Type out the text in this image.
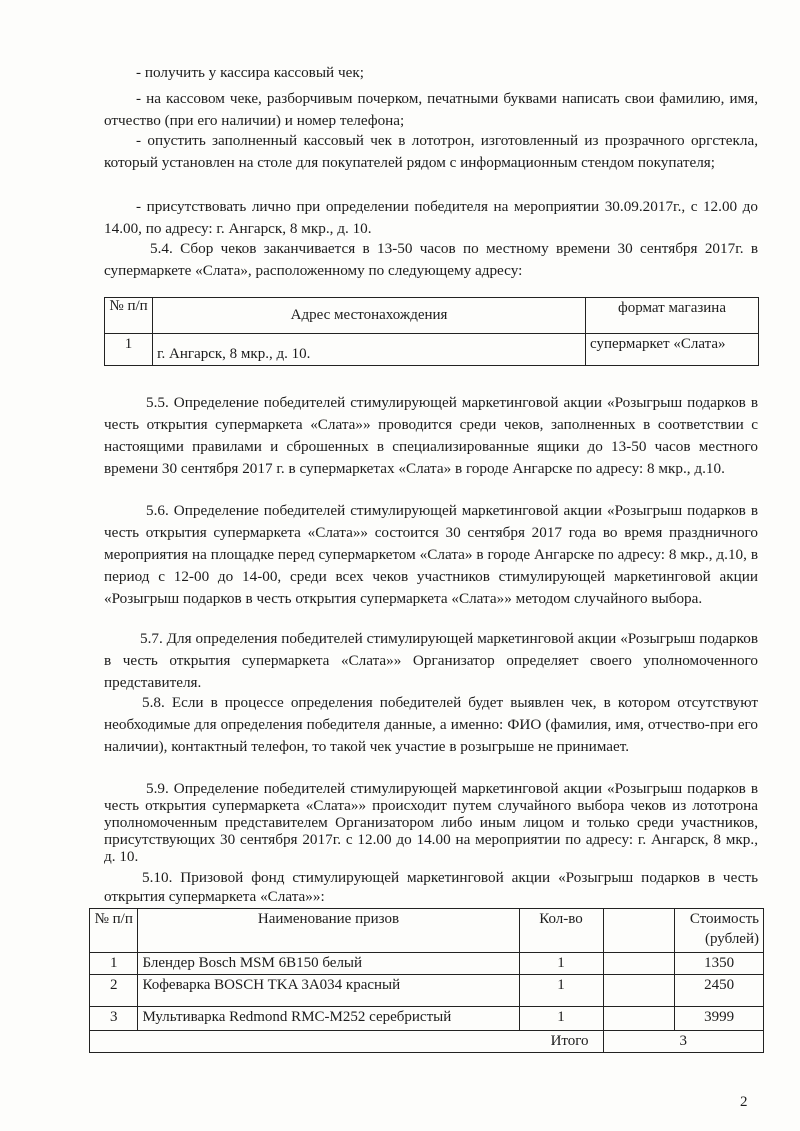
- получить у кассира кассовый чек;

- на кассовом чеке, разборчивым почерком, печатными буквами написать свои фамилию, имя, отчество (при его наличии) и номер телефона;

- опустить заполненный кассовый чек в лототрон, изготовленный из прозрачного оргстекла, который установлен на столе для покупателей рядом с информационным стендом покупателя;

- присутствовать лично при определении победителя на мероприятии 30.09.2017г., с 12.00 до 14.00, по адресу: г. Ангарск, 8 мкр., д. 10.

5.4. Сбор чеков заканчивается в 13-50 часов по местному времени 30 сентября 2017г. в супермаркете «Слата», расположенному по следующему адресу:

№ п/п	Адрес местонахождения	формат магазина
1	г. Ангарск, 8 мкр., д. 10.	супермаркет «Слата»

5.5. Определение победителей стимулирующей маркетинговой акции «Розыгрыш подарков в честь открытия супермаркета «Слата»» проводится среди чеков, заполненных в соответствии с настоящими правилами и сброшенных в специализированные ящики до 13-50 часов местного времени 30 сентября 2017 г. в супермаркетах «Слата» в городе Ангарске по адресу: 8 мкр., д.10.

5.6. Определение победителей стимулирующей маркетинговой акции «Розыгрыш подарков в честь открытия супермаркета «Слата»» состоится 30 сентября 2017 года во время праздничного мероприятия на площадке перед супермаркетом «Слата» в городе Ангарске по адресу: 8 мкр., д.10, в период с 12-00 до 14-00, среди всех чеков участников стимулирующей маркетинговой акции «Розыгрыш подарков в честь открытия супермаркета «Слата»» методом случайного выбора.

5.7. Для определения победителей стимулирующей маркетинговой акции «Розыгрыш подарков в честь открытия супермаркета «Слата»» Организатор определяет своего уполномоченного представителя.

5.8. Если в процессе определения победителей будет выявлен чек, в котором отсутствуют необходимые для определения победителя данные, а именно: ФИО (фамилия, имя, отчество-при его наличии), контактный телефон, то такой чек участие в розыгрыше не принимает.

5.9. Определение победителей стимулирующей маркетинговой акции «Розыгрыш подарков в честь открытия супермаркета «Слата»» происходит путем случайного выбора чеков из лототрона уполномоченным представителем Организатором либо иным лицом и только среди участников, присутствующих 30 сентября 2017г. с 12.00 до 14.00 на мероприятии по адресу: г. Ангарск, 8 мкр., д. 10.

5.10. Призовой фонд стимулирующей маркетинговой акции «Розыгрыш подарков в честь открытия супермаркета «Слата»»:

№ п/п	Наименование призов	Кол-во		Стоимость (рублей)
1	Блендер Bosch MSM 6B150 белый	1		1350
2	Кофеварка BOSCH TKA 3A034 красный	1		2450
3	Мультиварка Redmond RMC-M252 серебристый	1		3999
Итого			3	
2
